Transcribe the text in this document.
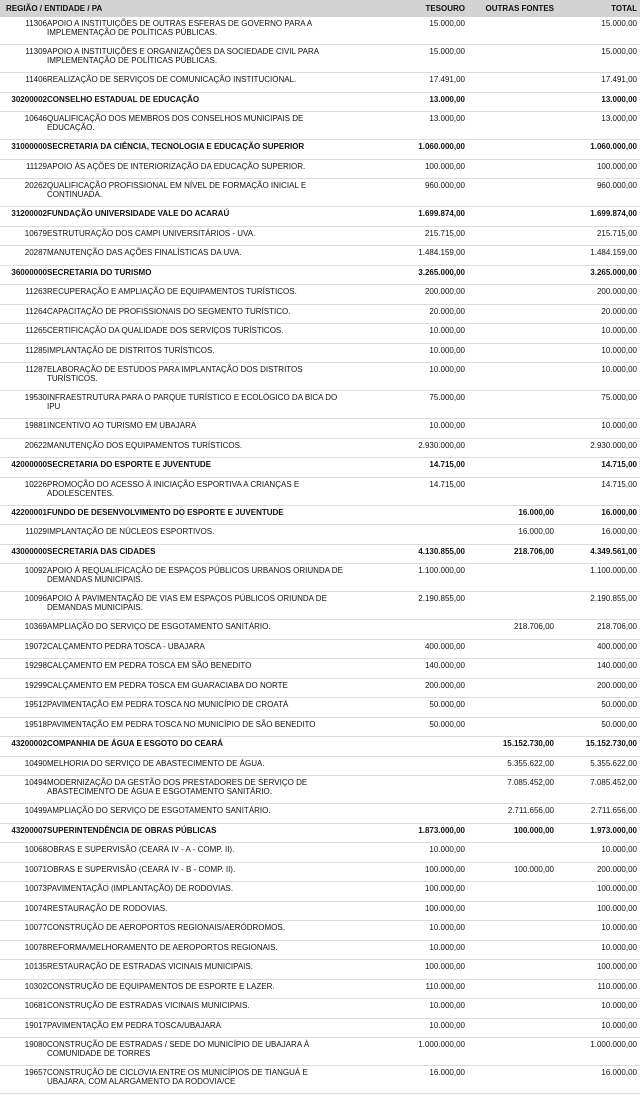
REGIÃO / ENTIDADE / PA		TESOURO	OUTRAS FONTES	TOTAL
11306	APOIO A INSTITUIÇÕES DE OUTRAS ESFERAS DE GOVERNO PARA A IMPLEMENTAÇÃO DE POLÍTICAS PÚBLICAS.	15.000,00		15.000,00
11309	APOIO A INSTITUIÇÕES E ORGANIZAÇÕES DA SOCIEDADE CIVIL PARA IMPLEMENTAÇÃO DE POLÍTICAS PÚBLICAS.	15.000,00		15.000,00
11406	REALIZAÇÃO DE SERVIÇOS DE COMUNICAÇÃO INSTITUCIONAL.	17.491,00		17.491,00
30200002	CONSELHO ESTADUAL DE EDUCAÇÃO	13.000,00		13.000,00
10646	QUALIFICAÇÃO DOS MEMBROS DOS CONSELHOS MUNICIPAIS DE EDUCAÇÃO.	13.000,00		13.000,00
31000000	SECRETARIA DA CIÊNCIA, TECNOLOGIA E EDUCAÇÃO SUPERIOR	1.060.000,00		1.060.000,00
11129	APOIO ÀS AÇÕES DE INTERIORIZAÇÃO DA EDUCAÇÃO SUPERIOR.	100.000,00		100.000,00
20262	QUALIFICAÇÃO PROFISSIONAL EM NÍVEL DE FORMAÇÃO INICIAL E CONTINUADA.	960.000,00		960.000,00
31200002	FUNDAÇÃO UNIVERSIDADE VALE DO ACARAÚ	1.699.874,00		1.699.874,00
10679	ESTRUTURAÇÃO DOS CAMPI UNIVERSITÁRIOS - UVA.	215.715,00		215.715,00
20287	MANUTENÇÃO DAS AÇÕES FINALÍSTICAS DA UVA.	1.484.159,00		1.484.159,00
36000000	SECRETARIA DO TURISMO	3.265.000,00		3.265.000,00
11263	RECUPERAÇÃO E AMPLIAÇÃO DE EQUIPAMENTOS TURÍSTICOS.	200.000,00		200.000,00
11264	CAPACITAÇÃO DE PROFISSIONAIS DO SEGMENTO TURÍSTICO.	20.000,00		20.000,00
11265	CERTIFICAÇÃO DA QUALIDADE DOS SERVIÇOS TURÍSTICOS.	10.000,00		10.000,00
11285	IMPLANTAÇÃO DE DISTRITOS TURÍSTICOS.	10.000,00		10.000,00
11287	ELABORAÇÃO DE ESTUDOS PARA IMPLANTAÇÃO DOS DISTRITOS TURÍSTICOS.	10.000,00		10.000,00
19530	INFRAESTRUTURA PARA O PARQUE TURÍSTICO E ECOLÓGICO DA BICA DO IPU	75.000,00		75.000,00
19881	INCENTIVO AO TURISMO EM UBAJARA	10.000,00		10.000,00
20622	MANUTENÇÃO DOS EQUIPAMENTOS TURÍSTICOS.	2.930.000,00		2.930.000,00
42000000	SECRETARIA DO ESPORTE E JUVENTUDE	14.715,00		14.715,00
10226	PROMOÇÃO DO ACESSO À INICIAÇÃO ESPORTIVA A CRIANÇAS E ADOLESCENTES.	14.715,00		14.715,00
42200001	FUNDO DE DESENVOLVIMENTO DO ESPORTE E JUVENTUDE		16.000,00	16.000,00
11029	IMPLANTAÇÃO DE NÚCLEOS ESPORTIVOS.		16.000,00	16.000,00
43000000	SECRETARIA DAS CIDADES	4.130.855,00	218.706,00	4.349.561,00
10092	APOIO À REQUALIFICAÇÃO DE ESPAÇOS PÚBLICOS URBANOS ORIUNDA DE DEMANDAS MUNICIPAIS.	1.100.000,00		1.100.000,00
10096	APOIO À PAVIMENTAÇÃO DE VIAS EM ESPAÇOS PÚBLICOS ORIUNDA DE DEMANDAS MUNICIPAIS.	2.190.855,00		2.190.855,00
10369	AMPLIAÇÃO DO SERVIÇO DE ESGOTAMENTO SANITÁRIO.		218.706,00	218.706,00
19072	CALÇAMENTO PEDRA TOSCA - UBAJARA	400.000,00		400.000,00
19298	CALÇAMENTO EM PEDRA TOSCA EM SÃO BENEDITO	140.000,00		140.000,00
19299	CALÇAMENTO EM PEDRA TOSCA EM GUARACIABA DO NORTE	200.000,00		200.000,00
19512	PAVIMENTAÇÃO EM PEDRA TOSCA NO MUNICÍPIO DE CROATÁ	50.000,00		50.000,00
19518	PAVIMENTAÇÃO EM PEDRA TOSCA NO MUNICÍPIO DE SÃO BENEDITO	50.000,00		50.000,00
43200002	COMPANHIA DE ÁGUA E ESGOTO DO CEARÁ		15.152.730,00	15.152.730,00
10490	MELHORIA DO SERVIÇO DE ABASTECIMENTO DE ÁGUA.		5.355.622,00	5.355.622,00
10494	MODERNIZAÇÃO DA GESTÃO DOS PRESTADORES DE SERVIÇO DE ABASTECIMENTO DE ÁGUA E ESGOTAMENTO SANITÁRIO.		7.085.452,00	7.085.452,00
10499	AMPLIAÇÃO DO SERVIÇO DE ESGOTAMENTO SANITÁRIO.		2.711.656,00	2.711.656,00
43200007	SUPERINTENDÊNCIA DE OBRAS PÚBLICAS	1.873.000,00	100.000,00	1.973.000,00
10068	OBRAS E SUPERVISÃO (CEARÁ IV - A - COMP. II).	10.000,00		10.000,00
10071	OBRAS E SUPERVISÃO (CEARÁ IV - B - COMP. II).	100.000,00	100.000,00	200.000,00
10073	PAVIMENTAÇÃO (IMPLANTAÇÃO) DE RODOVIAS.	100.000,00		100.000,00
10074	RESTAURAÇÃO DE RODOVIAS.	100.000,00		100.000,00
10077	CONSTRUÇÃO DE AEROPORTOS REGIONAIS/AERÓDROMOS.	10.000,00		10.000,00
10078	REFORMA/MELHORAMENTO DE AEROPORTOS REGIONAIS.	10.000,00		10.000,00
10135	RESTAURAÇÃO DE ESTRADAS VICINAIS MUNICIPAIS.	100.000,00		100.000,00
10302	CONSTRUÇÃO DE EQUIPAMENTOS DE ESPORTE E LAZER.	110.000,00		110.000,00
10681	CONSTRUÇÃO DE ESTRADAS VICINAIS MUNICIPAIS.	10.000,00		10.000,00
19017	PAVIMENTAÇÃO EM PEDRA TOSCA/UBAJARA	10.000,00		10.000,00
19080	CONSTRUÇÃO DE ESTRADAS / SEDE DO MUNICÍPIO DE UBAJARA À COMUNIDADE DE TORRES	1.000.000,00		1.000.000,00
19657	CONSTRUÇÃO DE CICLOVIA ENTRE OS MUNICÍPIOS DE TIANGUÁ E UBAJARA, COM ALARGAMENTO DA RODOVIA/CE	16.000,00		16.000,00
